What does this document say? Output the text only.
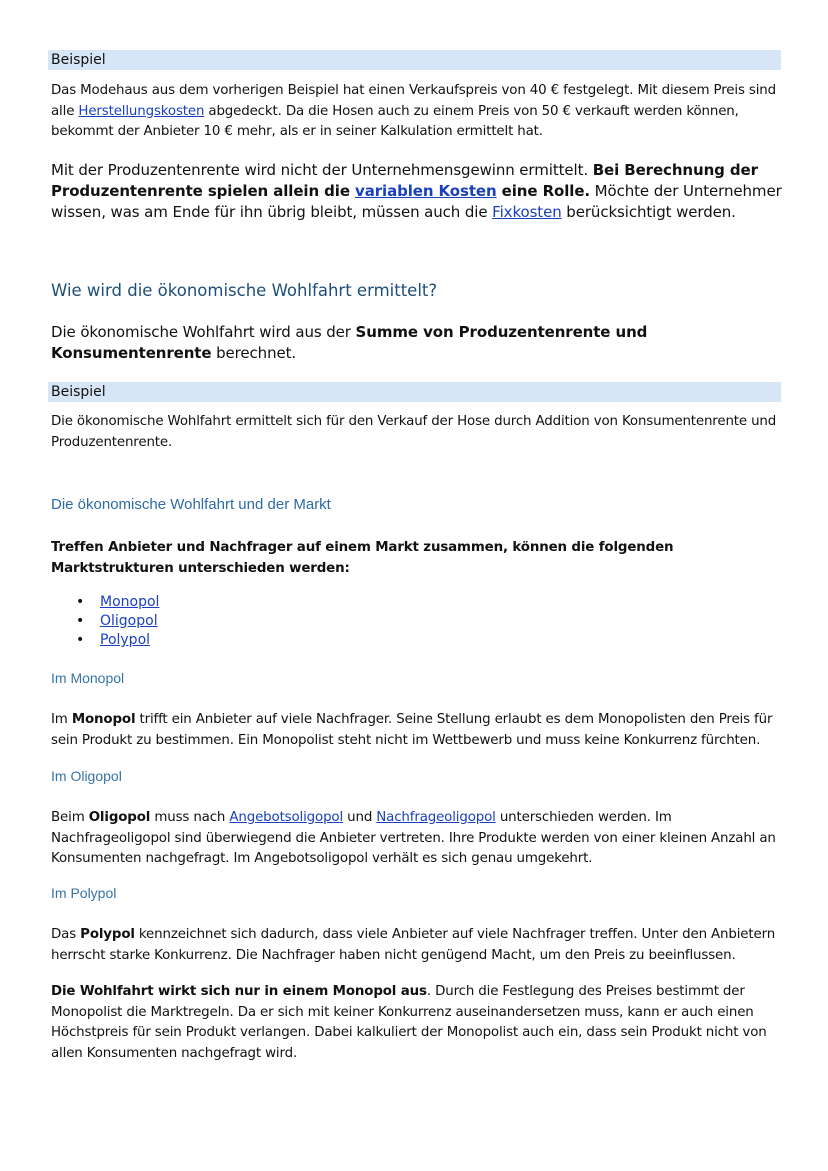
Beispiel
Das Modehaus aus dem vorherigen Beispiel hat einen Verkaufspreis von 40 € festgelegt. Mit diesem Preis sind alle Herstellungskosten abgedeckt. Da die Hosen auch zu einem Preis von 50 € verkauft werden können, bekommt der Anbieter 10 € mehr, als er in seiner Kalkulation ermittelt hat.
Mit der Produzentenrente wird nicht der Unternehmensgewinn ermittelt. Bei Berechnung der Produzentenrente spielen allein die variablen Kosten eine Rolle. Möchte der Unternehmer wissen, was am Ende für ihn übrig bleibt, müssen auch die Fixkosten berücksichtigt werden.
Wie wird die ökonomische Wohlfahrt ermittelt?
Die ökonomische Wohlfahrt wird aus der Summe von Produzentenrente und Konsumentenrente berechnet.
Beispiel
Die ökonomische Wohlfahrt ermittelt sich für den Verkauf der Hose durch Addition von Konsumentenrente und Produzentenrente.
Die ökonomische Wohlfahrt und der Markt
Treffen Anbieter und Nachfrager auf einem Markt zusammen, können die folgenden Marktstrukturen unterschieden werden:
• Monopol
• Oligopol
• Polypol
Im Monopol
Im Monopol trifft ein Anbieter auf viele Nachfrager. Seine Stellung erlaubt es dem Monopolisten den Preis für sein Produkt zu bestimmen. Ein Monopolist steht nicht im Wettbewerb und muss keine Konkurrenz fürchten.
Im Oligopol
Beim Oligopol muss nach Angebotsoligopol und Nachfrageoligopol unterschieden werden. Im Nachfrageoligopol sind überwiegend die Anbieter vertreten. Ihre Produkte werden von einer kleinen Anzahl an Konsumenten nachgefragt. Im Angebotsoligopol verhält es sich genau umgekehrt.
Im Polypol
Das Polypol kennzeichnet sich dadurch, dass viele Anbieter auf viele Nachfrager treffen. Unter den Anbietern herrscht starke Konkurrenz. Die Nachfrager haben nicht genügend Macht, um den Preis zu beeinflussen.
Die Wohlfahrt wirkt sich nur in einem Monopol aus. Durch die Festlegung des Preises bestimmt der Monopolist die Marktregeln. Da er sich mit keiner Konkurrenz auseinandersetzen muss, kann er auch einen Höchstpreis für sein Produkt verlangen. Dabei kalkuliert der Monopolist auch ein, dass sein Produkt nicht von allen Konsumenten nachgefragt wird.
